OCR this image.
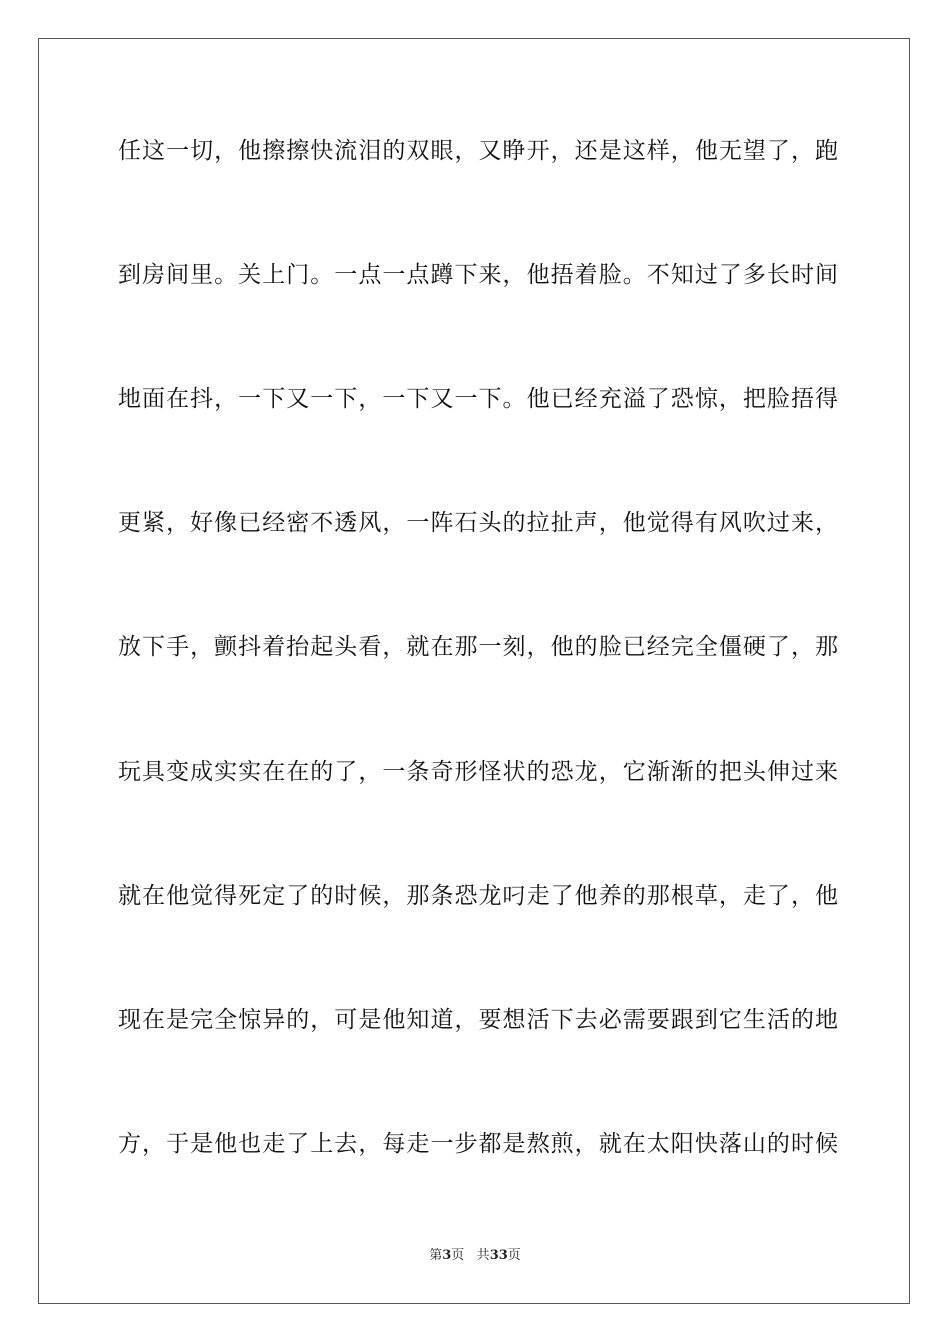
任这一切，他擦擦快流泪的双眼，又睁开，还是这样，他无望了，跑
到房间里。关上门。一点一点蹲下来，他捂着脸。不知过了多长时间
地面在抖，一下又一下，一下又一下。他已经充溢了恐惊，把脸捂得
更紧，好像已经密不透风，一阵石头的拉扯声，他觉得有风吹过来，
放下手，颤抖着抬起头看，就在那一刻，他的脸已经完全僵硬了，那
玩具变成实实在在的了，一条奇形怪状的恐龙，它渐渐的把头伸过来
就在他觉得死定了的时候，那条恐龙叼走了他养的那根草，走了，他
现在是完全惊异的，可是他知道，要想活下去必需要跟到它生活的地
方，于是他也走了上去，每走一步都是熬煎，就在太阳快落山的时候
第3页 共33页
